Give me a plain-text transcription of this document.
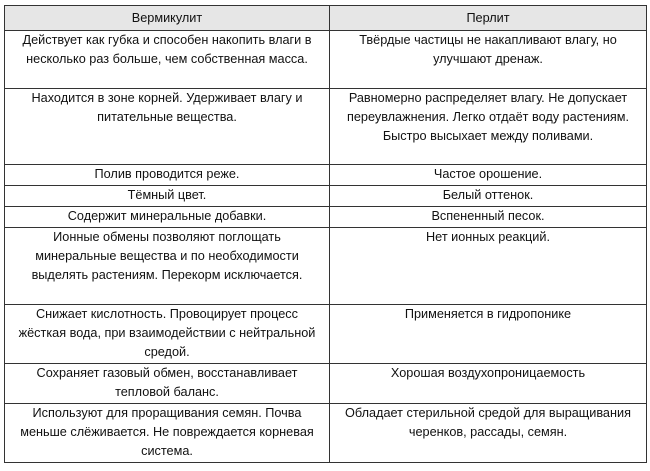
Вермикулит	Перлит
Действует как губка и способен накопить влаги в несколько раз больше, чем собственная масса.	Твёрдые частицы не накапливают влагу, но улучшают дренаж.
Находится в зоне корней. Удерживает влагу и питательные вещества.	Равномерно распределяет влагу. Не допускает переувлажнения. Легко отдаёт воду растениям. Быстро высыхает между поливами.
Полив проводится реже.	Частое орошение.
Тёмный цвет.	Белый оттенок.
Содержит минеральные добавки.	Вспененный песок.
Ионные обмены позволяют поглощать минеральные вещества и по необходимости выделять растениям. Перекорм исключается.	Нет ионных реакций.
Снижает кислотность. Провоцирует процесс жёсткая вода, при взаимодействии с нейтральной средой.	Применяется в гидропонике
Сохраняет газовый обмен, восстанавливает тепловой баланс.	Хорошая воздухопроницаемость
Используют для проращивания семян. Почва меньше слёживается. Не повреждается корневая система.	Обладает стерильной средой для выращивания черенков, рассады, семян.
